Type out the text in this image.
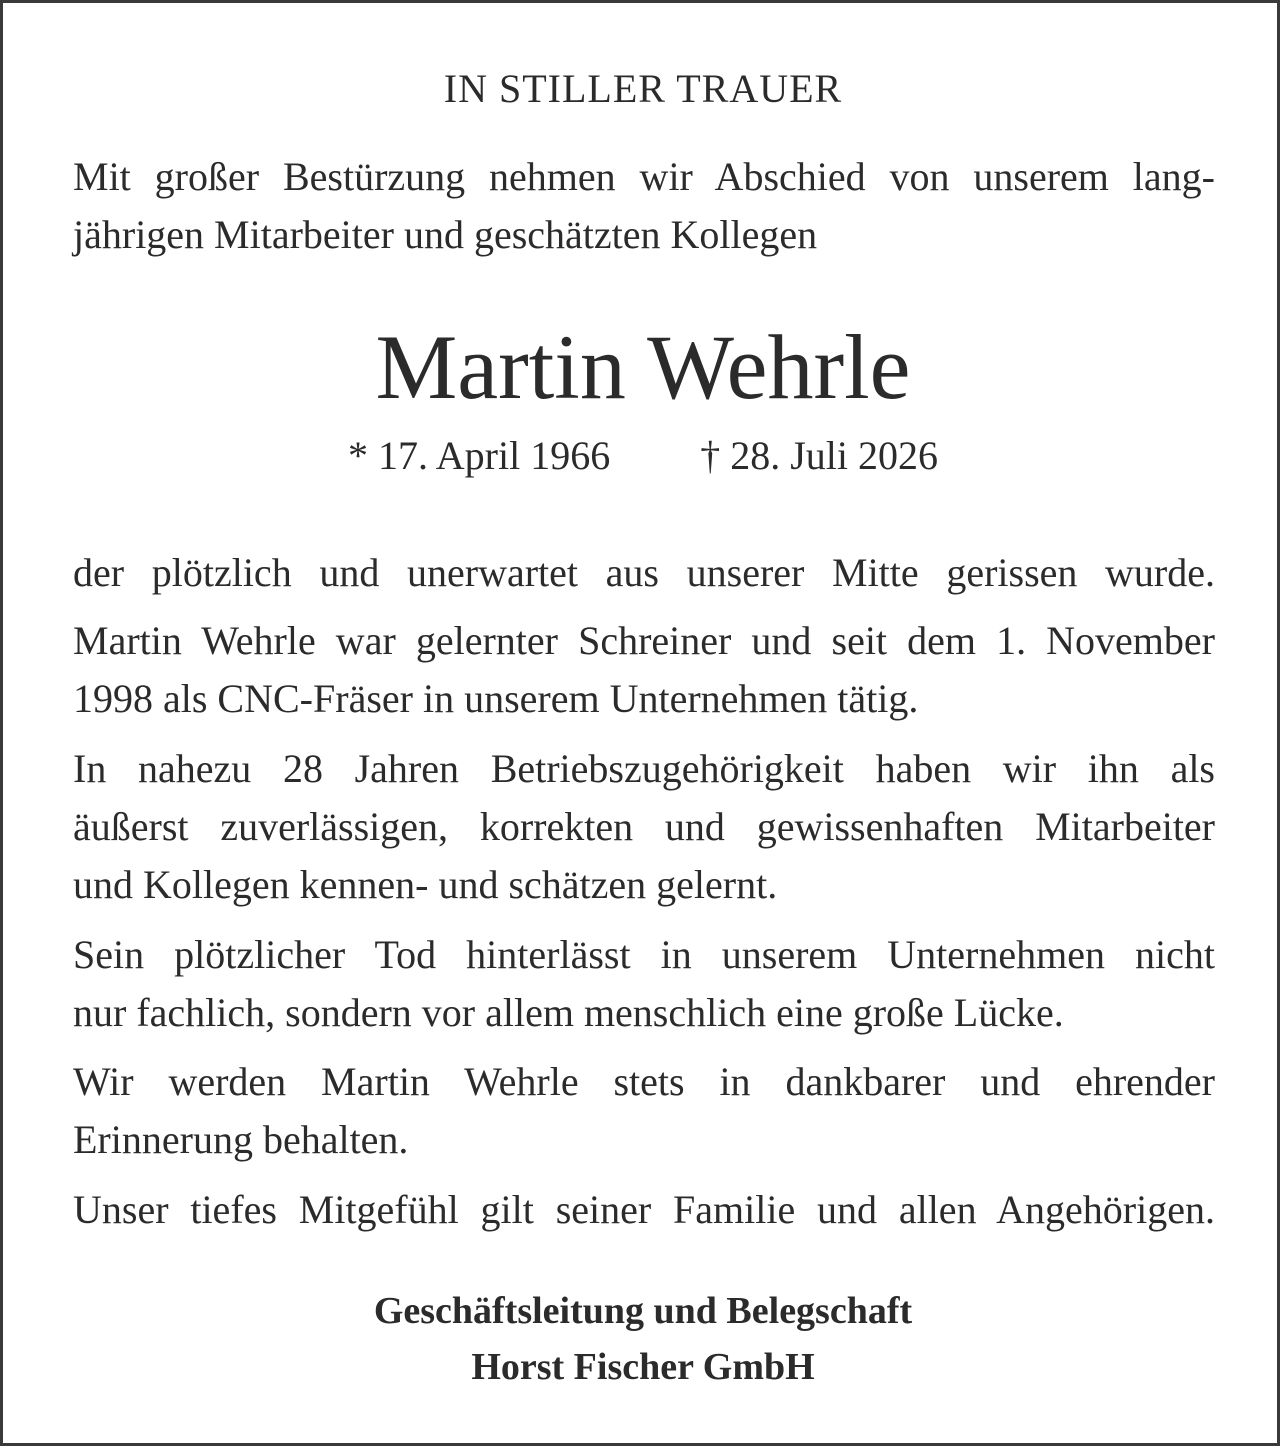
IN STILLER TRAUER
Mit großer Bestürzung nehmen wir Abschied von unserem lang-
jährigen Mitarbeiter und geschätzten Kollegen
Martin Wehrle
* 17. April 1966 † 28. Juli 2026
der plötzlich und unerwartet aus unserer Mitte gerissen wurde.
Martin Wehrle war gelernter Schreiner und seit dem 1. November
1998 als CNC-Fräser in unserem Unternehmen tätig.
In nahezu 28 Jahren Betriebszugehörigkeit haben wir ihn als
äußerst zuverlässigen, korrekten und gewissenhaften Mitarbeiter
und Kollegen kennen- und schätzen gelernt.
Sein plötzlicher Tod hinterlässt in unserem Unternehmen nicht
nur fachlich, sondern vor allem menschlich eine große Lücke.
Wir werden Martin Wehrle stets in dankbarer und ehrender
Erinnerung behalten.
Unser tiefes Mitgefühl gilt seiner Familie und allen Angehörigen.
Geschäftsleitung und Belegschaft
Horst Fischer GmbH
